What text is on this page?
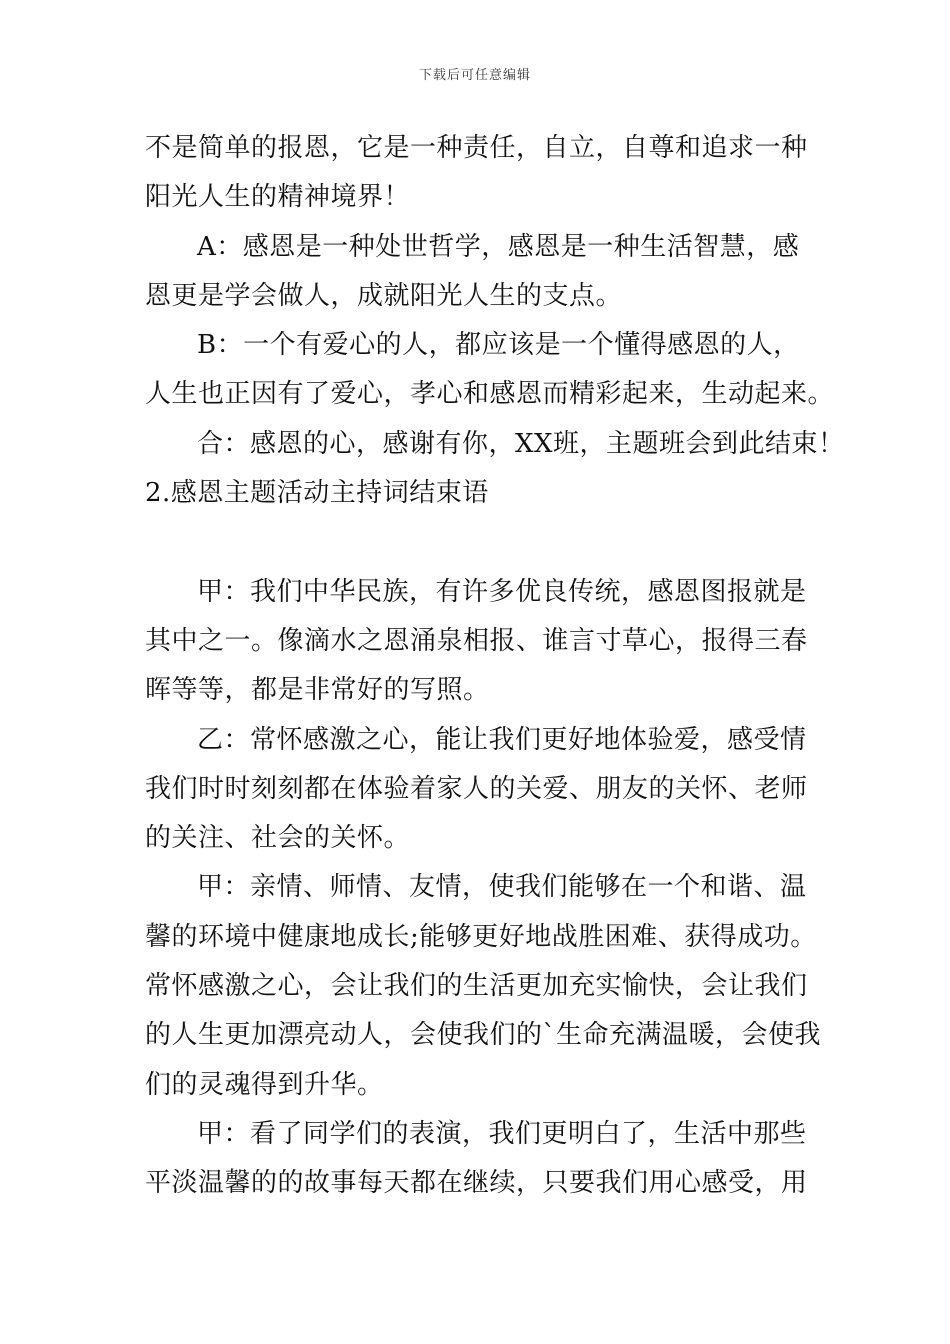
下载后可任意编辑
不是简单的报恩，它是一种责任，自立，自尊和追求一种
阳光人生的精神境界！
A：感恩是一种处世哲学，感恩是一种生活智慧，感
恩更是学会做人，成就阳光人生的支点。
B：一个有爱心的人，都应该是一个懂得感恩的人，
人生也正因有了爱心，孝心和感恩而精彩起来，生动起来。
合：感恩的心，感谢有你，XX班，主题班会到此结束！
2.感恩主题活动主持词结束语
甲：我们中华民族，有许多优良传统，感恩图报就是
其中之一。像滴水之恩涌泉相报、谁言寸草心，报得三春
晖等等，都是非常好的写照。
乙：常怀感激之心，能让我们更好地体验爱，感受情
我们时时刻刻都在体验着家人的关爱、朋友的关怀、老师
的关注、社会的关怀。
甲：亲情、师情、友情，使我们能够在一个和谐、温
馨的环境中健康地成长;能够更好地战胜困难、获得成功。
常怀感激之心，会让我们的生活更加充实愉快，会让我们
的人生更加漂亮动人，会使我们的`生命充满温暖，会使我
们的灵魂得到升华。
甲：看了同学们的表演，我们更明白了，生活中那些
平淡温馨的的故事每天都在继续，只要我们用心感受，用
